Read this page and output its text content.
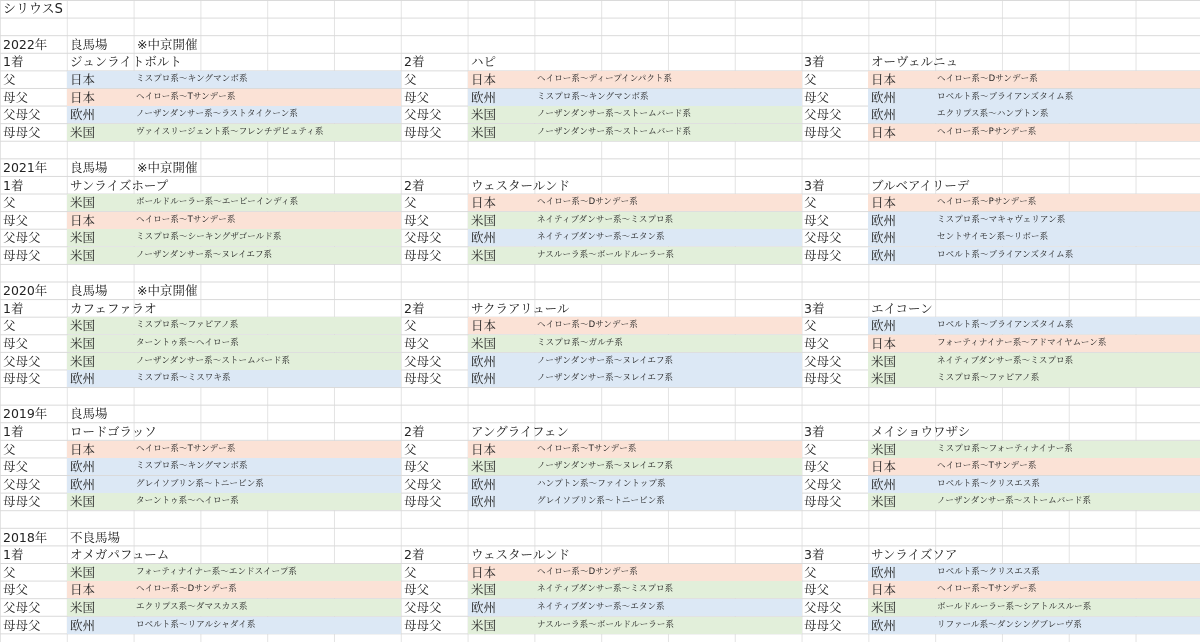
シリウスS
2022年	良馬場	※中京開催
1着	ジュンライトボルト
父	日本	ミスプロ系〜キングマンボ系
母父	日本	ヘイロー系〜Tサンデー系
父母父	欧州	ノーザンダンサー系〜ラストタイクーン系
母母父	米国	ヴァイスリージェント系〜フレンチデピュティ系
2着	ハピ
父	日本	ヘイロー系〜ディープインパクト系
母父	欧州	ミスプロ系〜キングマンボ系
父母父	米国	ノーザンダンサー系〜ストームバード系
母母父	米国	ノーザンダンサー系〜ストームバード系
3着	オーヴェルニュ
父	日本	ヘイロー系〜Dサンデー系
母父	欧州	ロベルト系〜ブライアンズタイム系
父母父	欧州	エクリプス系〜ハンプトン系
母母父	日本	ヘイロー系〜Pサンデー系
2021年	良馬場	※中京開催
1着	サンライズホープ
父	米国	ボールドルーラー系〜エーピーインディ系
母父	日本	ヘイロー系〜Tサンデー系
父母父	米国	ミスプロ系〜シーキングザゴールド系
母母父	米国	ノーザンダンサー系〜ヌレイエフ系
2着	ウェスタールンド
父	日本	ヘイロー系〜Dサンデー系
母父	米国	ネイティブダンサー系〜ミスプロ系
父母父	欧州	ネイティブダンサー系〜エタン系
母母父	米国	ナスルーラ系〜ボールドルーラー系
3着	ブルベアイリーデ
父	日本	ヘイロー系〜Pサンデー系
母父	欧州	ミスプロ系〜マキャヴェリアン系
父母父	欧州	セントサイモン系〜リボー系
母母父	欧州	ロベルト系〜ブライアンズタイム系
2020年	良馬場	※中京開催
1着	カフェファラオ
父	米国	ミスプロ系〜ファピアノ系
母父	米国	ターントゥ系〜ヘイロー系
父母父	米国	ノーザンダンサー系〜ストームバード系
母母父	欧州	ミスプロ系〜ミスワキ系
2着	サクラアリュール
父	日本	ヘイロー系〜Dサンデー系
母父	米国	ミスプロ系〜ガルチ系
父母父	欧州	ノーザンダンサー系〜ヌレイエフ系
母母父	欧州	ノーザンダンサー系〜ヌレイエフ系
3着	エイコーン
父	欧州	ロベルト系〜ブライアンズタイム系
母父	日本	フォーティナイナー系〜アドマイヤムーン系
父母父	米国	ネイティブダンサー系〜ミスプロ系
母母父	米国	ミスプロ系〜ファピアノ系
2019年	良馬場
1着	ロードゴラッソ
父	日本	ヘイロー系〜Tサンデー系
母父	欧州	ミスプロ系〜キングマンボ系
父母父	欧州	グレイソブリン系〜トニービン系
母母父	米国	ターントゥ系〜ヘイロー系
2着	アングライフェン
父	日本	ヘイロー系〜Tサンデー系
母父	米国	ノーザンダンサー系〜ヌレイエフ系
父母父	欧州	ハンプトン系〜ファイントップ系
母母父	欧州	グレイソブリン系〜トニービン系
3着	メイショウワザシ
父	米国	ミスプロ系〜フォーティナイナー系
母父	日本	ヘイロー系〜Tサンデー系
父母父	欧州	ロベルト系〜クリスエス系
母母父	米国	ノーザンダンサー系〜ストームバード系
2018年	不良馬場
1着	オメガパフューム
父	米国	フォーティナイナー系〜エンドスイープ系
母父	日本	ヘイロー系〜Dサンデー系
父母父	米国	エクリプス系〜ダマスカス系
母母父	欧州	ロベルト系〜リアルシャダイ系
2着	ウェスタールンド
父	日本	ヘイロー系〜Dサンデー系
母父	米国	ネイティブダンサー系〜ミスプロ系
父母父	欧州	ネイティブダンサー系〜エタン系
母母父	米国	ナスルーラ系〜ボールドルーラー系
3着	サンライズソア
父	欧州	ロベルト系〜クリスエス系
母父	日本	ヘイロー系〜Tサンデー系
父母父	米国	ボールドルーラー系〜シアトルスルー系
母母父	欧州	リファール系〜ダンシングブレーヴ系
